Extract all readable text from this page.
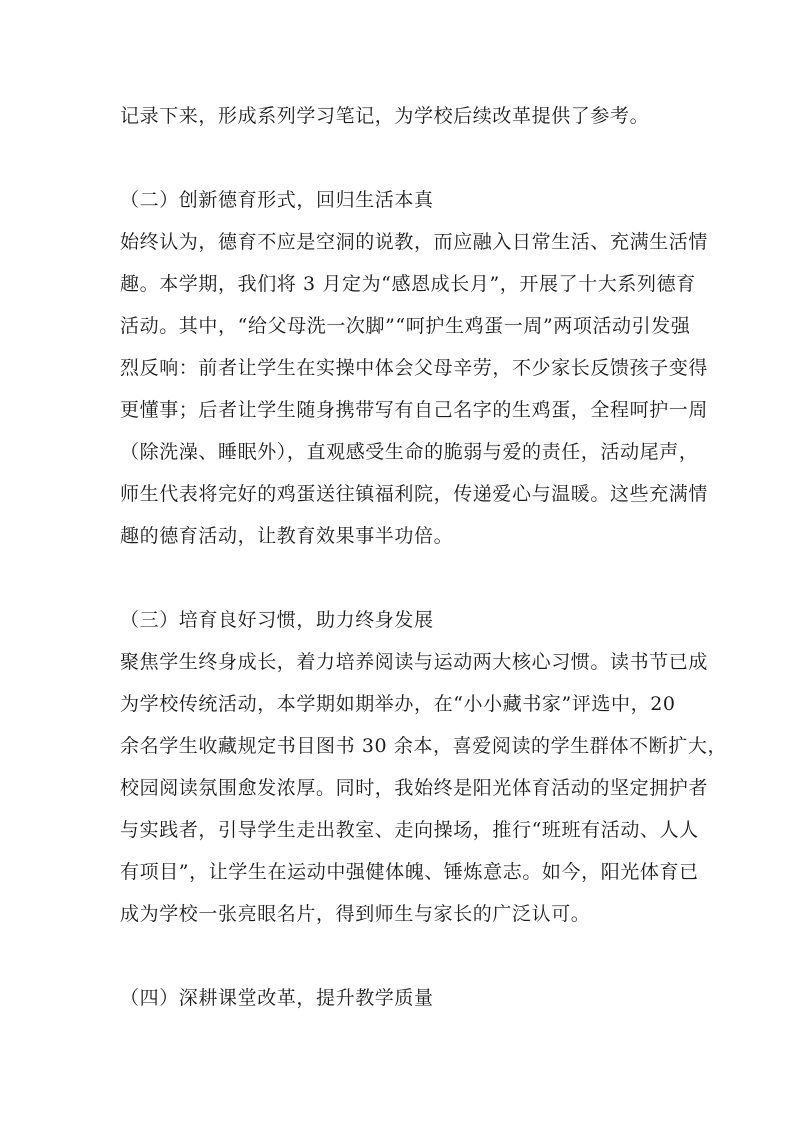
记录下来，形成系列学习笔记，为学校后续改革提供了参考。
（二）创新德育形式，回归生活本真
始终认为，德育不应是空洞的说教，而应融入日常生活、充满生活情
趣。本学期，我们将 3 月定为“感恩成长月”，开展了十大系列德育
活动。其中，“给父母洗一次脚”“呵护生鸡蛋一周”两项活动引发强
烈反响：前者让学生在实操中体会父母辛劳，不少家长反馈孩子变得
更懂事；后者让学生随身携带写有自己名字的生鸡蛋，全程呵护一周
（除洗澡、睡眠外），直观感受生命的脆弱与爱的责任，活动尾声，
师生代表将完好的鸡蛋送往镇福利院，传递爱心与温暖。这些充满情
趣的德育活动，让教育效果事半功倍。
（三）培育良好习惯，助力终身发展
聚焦学生终身成长，着力培养阅读与运动两大核心习惯。读书节已成
为学校传统活动，本学期如期举办，在“小小藏书家”评选中，20
余名学生收藏规定书目图书 30 余本，喜爱阅读的学生群体不断扩大，
校园阅读氛围愈发浓厚。同时，我始终是阳光体育活动的坚定拥护者
与实践者，引导学生走出教室、走向操场，推行“班班有活动、人人
有项目”，让学生在运动中强健体魄、锤炼意志。如今，阳光体育已
成为学校一张亮眼名片，得到师生与家长的广泛认可。
（四）深耕课堂改革，提升教学质量
